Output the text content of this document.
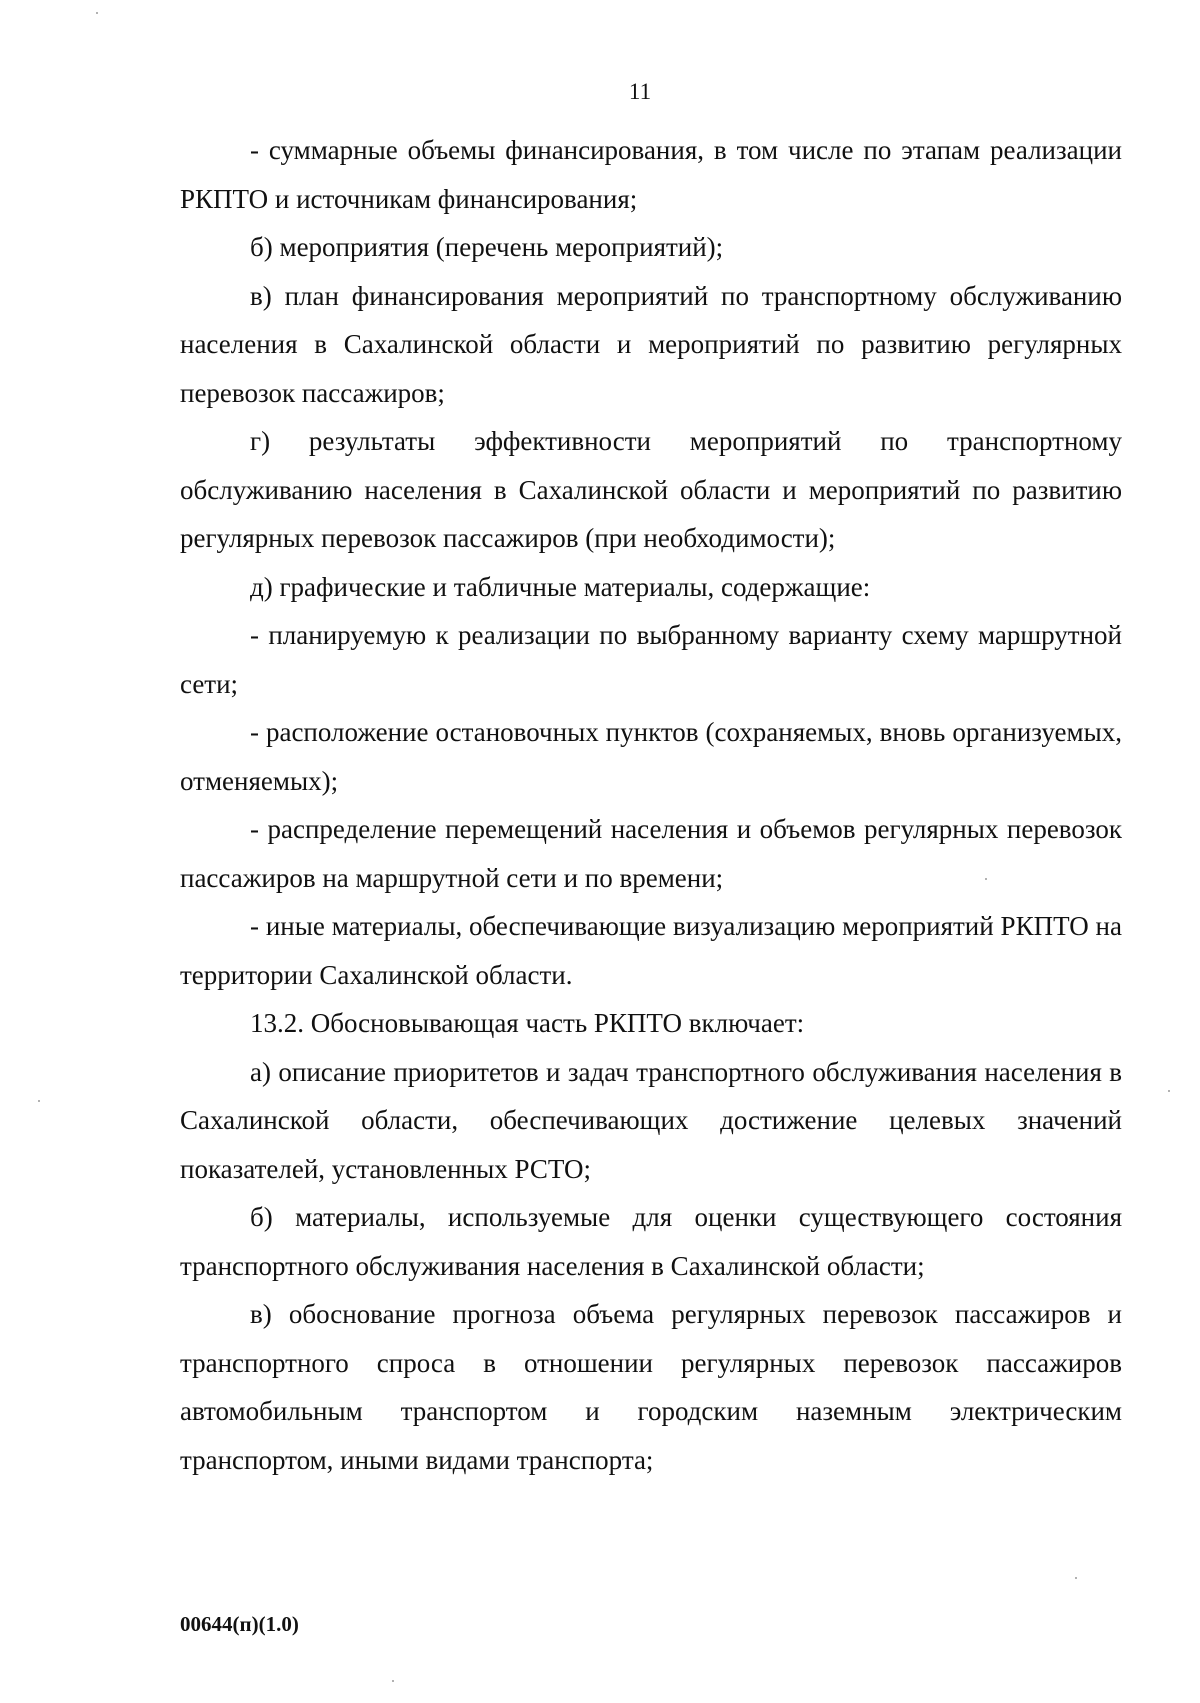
11

- суммарные объемы финансирования, в том числе по этапам реализации РКПТО и источникам финансирования;

б) мероприятия (перечень мероприятий);

в) план финансирования мероприятий по транспортному обслуживанию населения в Сахалинской области и мероприятий по развитию регулярных перевозок пассажиров;

г) результаты эффективности мероприятий по транспортному обслуживанию населения в Сахалинской области и мероприятий по развитию регулярных перевозок пассажиров (при необходимости);

д) графические и табличные материалы, содержащие:

- планируемую к реализации по выбранному варианту схему маршрутной сети;

- расположение остановочных пунктов (сохраняемых, вновь организуемых, отменяемых);

- распределение перемещений населения и объемов регулярных перевозок пассажиров на маршрутной сети и по времени;

- иные материалы, обеспечивающие визуализацию мероприятий РКПТО на территории Сахалинской области.

13.2. Обосновывающая часть РКПТО включает:

а) описание приоритетов и задач транспортного обслуживания населения в Сахалинской области, обеспечивающих достижение целевых значений показателей, установленных РСТО;

б) материалы, используемые для оценки существующего состояния транспортного обслуживания населения в Сахалинской области;

в) обоснование прогноза объема регулярных перевозок пассажиров и транспортного спроса в отношении регулярных перевозок пассажиров автомобильным транспортом и городским наземным электрическим транспортом, иными видами транспорта;

00644(п)(1.0)
